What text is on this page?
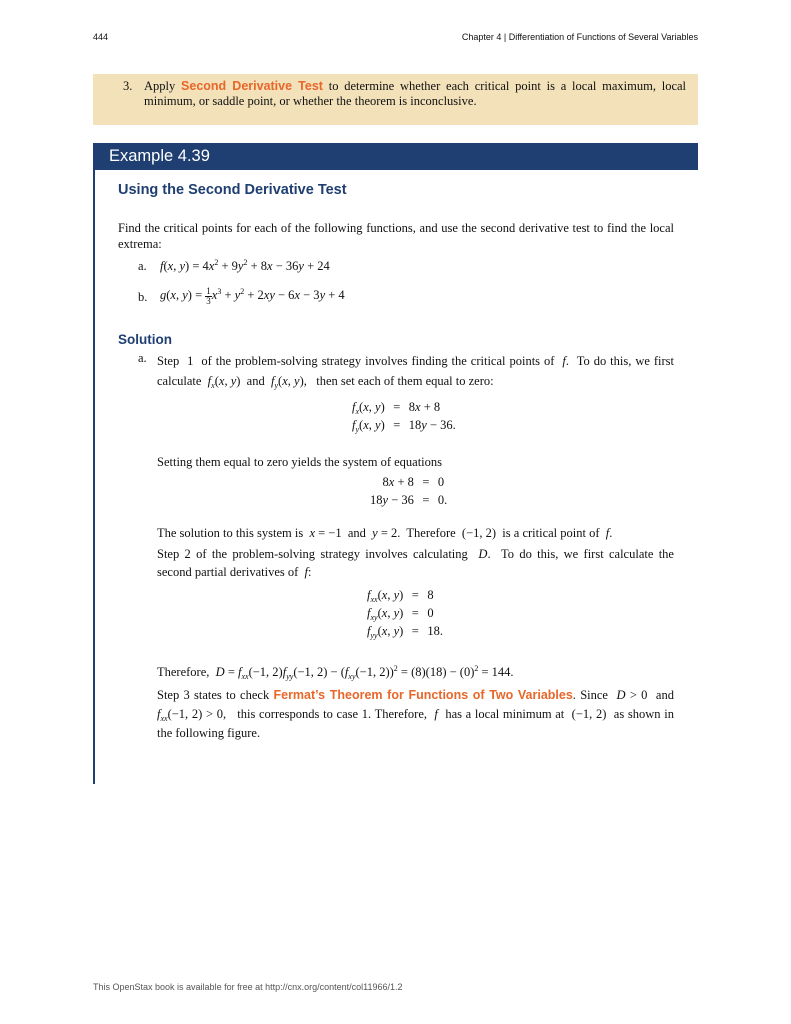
444	Chapter 4 | Differentiation of Functions of Several Variables
3. Apply Second Derivative Test to determine whether each critical point is a local maximum, local minimum, or saddle point, or whether the theorem is inconclusive.
Example 4.39
Using the Second Derivative Test
Find the critical points for each of the following functions, and use the second derivative test to find the local extrema:
a. f(x, $y) = 4x^2 + 9y^2 + 8x - 36y + 24$
b. g(x, $y) = \frac{1}{3} x^3 + y^2 + 2xy - 6x - 3y + 4$
Solution
a. Step  1  of the problem-solving strategy involves finding the critical points of  f.  To do this, we first calculate  $f_x(x$, y)  and  $f_y(x$, y),   then set each of them equal to zero:
$f_x(x$, y)	=	8x + 8
$f_y(x$, y)	=	18y − 36.
Setting them equal to zero yields the system of equations
8x + 8	=	0
18y − 36	=	0.
The solution to this system is  x = −1  and  y = 2.  Therefore  (−1, 2)  is a critical point of  f.
Step 2 of the problem-solving strategy involves calculating  D.  To do this, we first calculate the second partial derivatives of  f:
$f_{xx}(x$, y)	=	8
$f_{xy}(x$, y)	=	0
$f_{yy}(x$, y)	=	18.
Therefore,  $D = f_{xx}(-1$, $2)f_{yy}(-1$, $2) - (f_{xy}(-1$, $2))^2 = (8)(18) - (0)^2 = 144$.
Step 3 states to check Fermat’s Theorem for Functions of Two Variables. Since  D > 0  and $f_{xx}(-1$, 2) > 0,   this corresponds to case 1. Therefore,  f  has a local minimum at  (−1, 2)  as shown in the following figure.
This OpenStax book is available for free at http://cnx.org/content/col11966/1.2
